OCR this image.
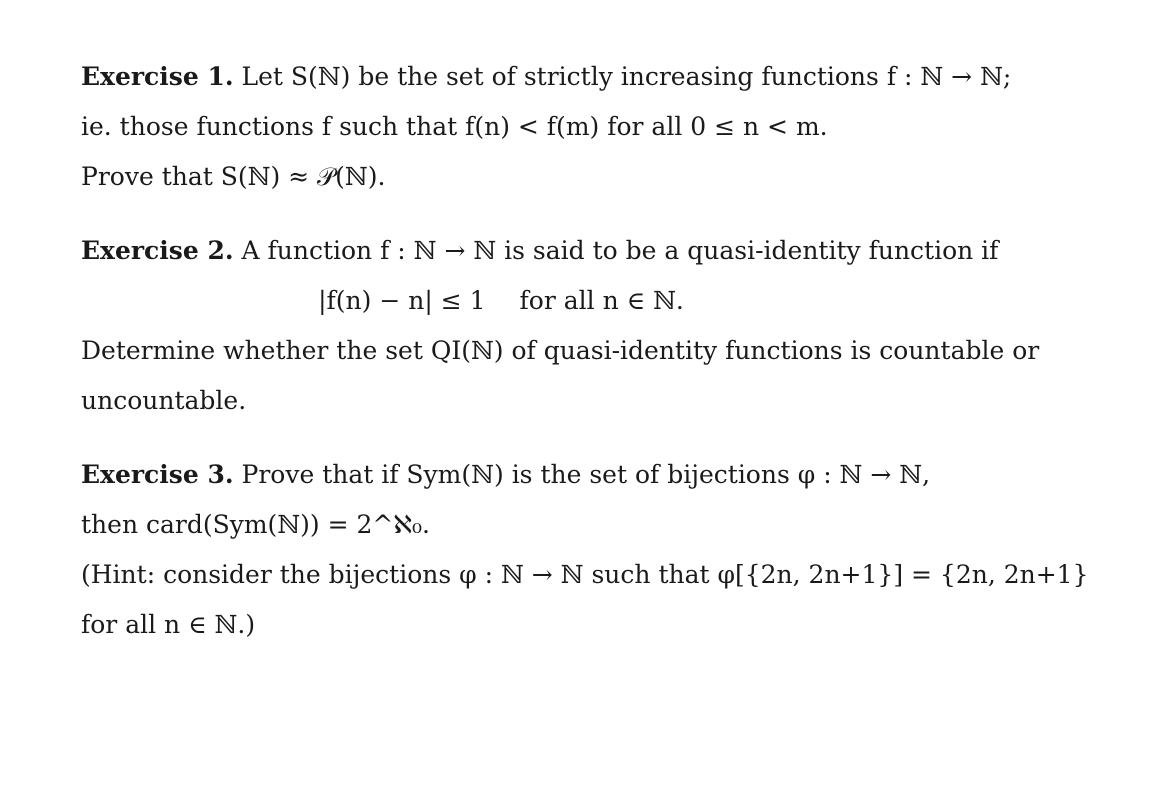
Exercise 1. Let S(ℕ) be the set of strictly increasing functions f : ℕ → ℕ;
ie. those functions f such that f(n) < f(m) for all 0 ≤ n < m.
Prove that S(ℕ) ≈ 𝒫(ℕ).
Exercise 2. A function f : ℕ → ℕ is said to be a quasi-identity function if
|f(n) − n| ≤ 1 for all n ∈ ℕ.
Determine whether the set QI(ℕ) of quasi-identity functions is countable or
uncountable.
Exercise 3. Prove that if Sym(ℕ) is the set of bijections φ : ℕ → ℕ,
then card(Sym(ℕ)) = 2^ℵ₀.
(Hint: consider the bijections φ : ℕ → ℕ such that φ[{2n, 2n+1}] = {2n, 2n+1}
for all n ∈ ℕ.)
